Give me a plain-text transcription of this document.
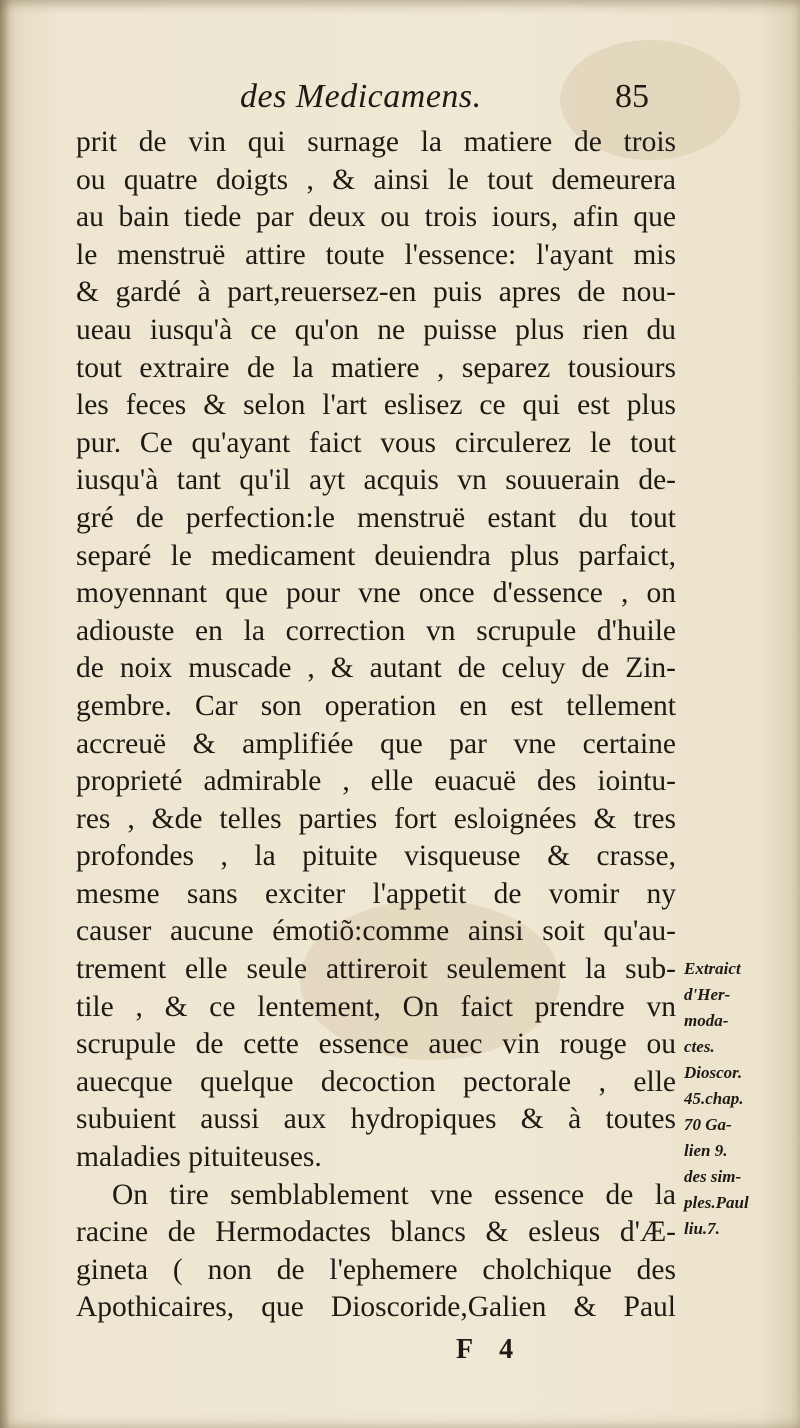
des Medicamens.	85
prit de vin qui surnage la matiere de trois
ou quatre doigts , & ainsi le tout demeurera
au bain tiede par deux ou trois iours, afin que
le menstruë attire toute l'essence: l'ayant mis
& gardé à part,reuersez-en puis apres de nou-
ueau iusqu'à ce qu'on ne puisse plus rien du
tout extraire de la matiere , separez tousiours
les feces & selon l'art eslisez ce qui est plus
pur. Ce qu'ayant faict vous circulerez le tout
iusqu'à tant qu'il ayt acquis vn souuerain de-
gré de perfection:le menstruë estant du tout
separé le medicament deuiendra plus parfaict,
moyennant que pour vne once d'essence , on
adiouste en la correction vn scrupule d'huile
de noix muscade , & autant de celuy de Zin-
gembre. Car son operation en est tellement
accreuë & amplifiée que par vne certaine
proprieté admirable , elle euacuë des iointu-
res , &de telles parties fort esloignées & tres
profondes , la pituite visqueuse & crasse,
mesme sans exciter l'appetit de vomir ny
causer aucune émotiõ:comme ainsi soit qu'au-
trement elle seule attireroit seulement la sub-
tile , & ce lentement, On faict prendre vn
scrupule de cette essence auec vin rouge ou
auecque quelque decoction pectorale , elle
subuient aussi aux hydropiques & à toutes
maladies pituiteuses.
On tire semblablement vne essence de la
racine de Hermodactes blancs & esleus d'Æ-
gineta ( non de l'ephemere cholchique des
Apothicaires, que Dioscoride,Galien & Paul
Extraict
d'Her-
moda-
ctes.
Dioscor.
45.chap.
70 Ga-
lien 9.
des sim-
ples.Paul
liu.7.
F 4
